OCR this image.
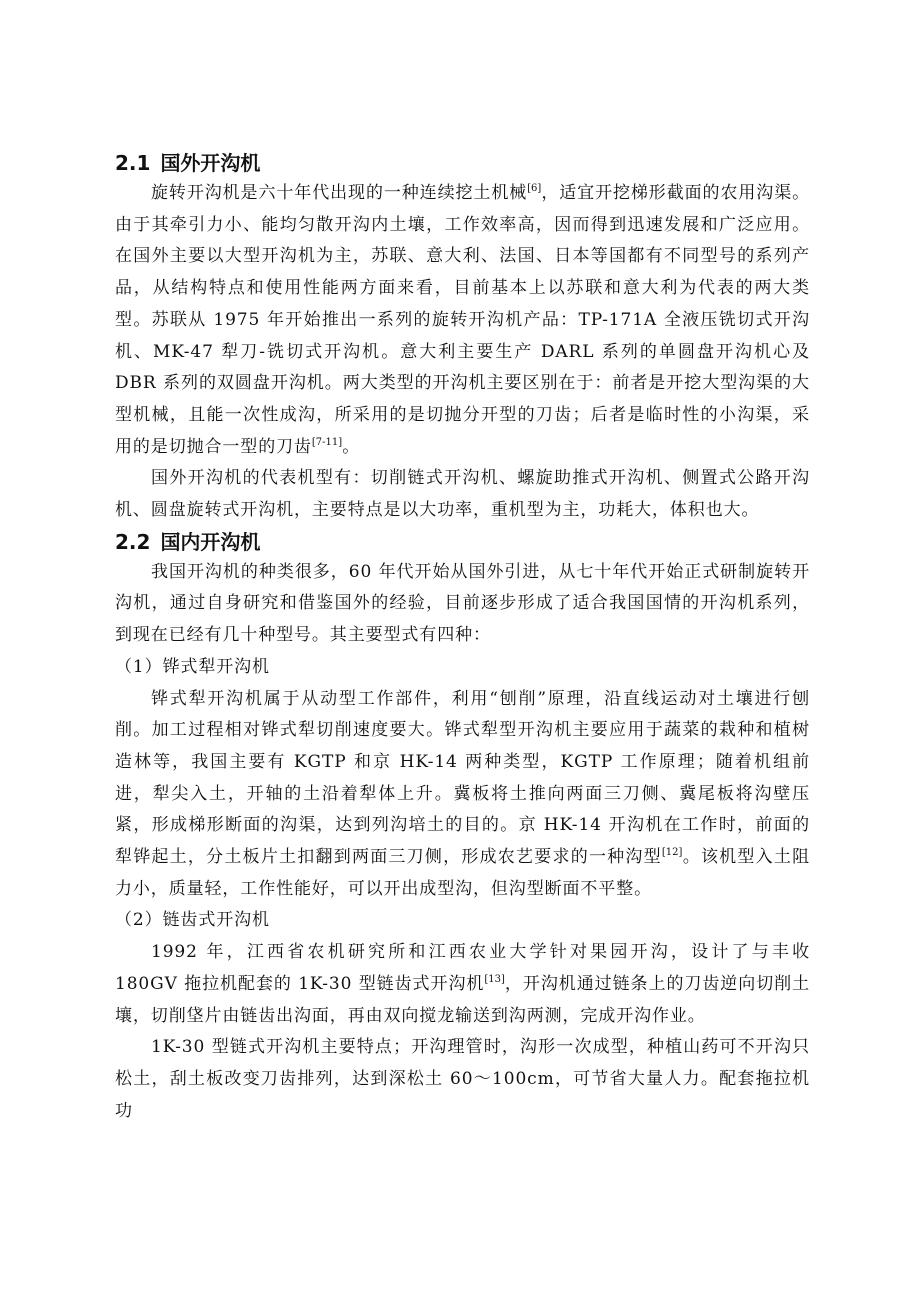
2.1 国外开沟机

旋转开沟机是六十年代出现的一种连续挖土机械[6]，适宜开挖梯形截面的农用沟渠。由于其牵引力小、能均匀散开沟内土壤，工作效率高，因而得到迅速发展和广泛应用。在国外主要以大型开沟机为主，苏联、意大利、法国、日本等国都有不同型号的系列产品，从结构特点和使用性能两方面来看，目前基本上以苏联和意大利为代表的两大类型。苏联从 1975 年开始推出一系列的旋转开沟机产品：TP-171A 全液压铣切式开沟机、MK-47 犁刀-铣切式开沟机。意大利主要生产 DARL 系列的单圆盘开沟机心及 DBR 系列的双圆盘开沟机。两大类型的开沟机主要区别在于：前者是开挖大型沟渠的大型机械，且能一次性成沟，所采用的是切抛分开型的刀齿；后者是临时性的小沟渠，采用的是切抛合一型的刀齿[7-11]。

国外开沟机的代表机型有：切削链式开沟机、螺旋助推式开沟机、侧置式公路开沟机、圆盘旋转式开沟机，主要特点是以大功率，重机型为主，功耗大，体积也大。

2.2 国内开沟机

我国开沟机的种类很多，60 年代开始从国外引进，从七十年代开始正式研制旋转开沟机，通过自身研究和借鉴国外的经验，目前逐步形成了适合我国国情的开沟机系列，到现在已经有几十种型号。其主要型式有四种：

（1）铧式犁开沟机

铧式犁开沟机属于从动型工作部件，利用“刨削”原理，沿直线运动对土壤进行刨削。加工过程相对铧式犁切削速度要大。铧式犁型开沟机主要应用于蔬菜的栽种和植树造林等，我国主要有 KGTP 和京 HK-14 两种类型，KGTP 工作原理；随着机组前进，犁尖入土，开轴的土沿着犁体上升。冀板将土推向两面三刀侧、冀尾板将沟壁压紧，形成梯形断面的沟渠，达到列沟培土的目的。京 HK-14 开沟机在工作时，前面的犁铧起土，分土板片土扣翻到两面三刀侧，形成农艺要求的一种沟型[12]。该机型入土阻力小，质量轻，工作性能好，可以开出成型沟，但沟型断面不平整。

（2）链齿式开沟机

1992 年，江西省农机研究所和江西农业大学针对果园开沟，设计了与丰收 180GV 拖拉机配套的 1K-30 型链齿式开沟机[13]，开沟机通过链条上的刀齿逆向切削土壤，切削垡片由链齿出沟面，再由双向搅龙输送到沟两测，完成开沟作业。

1K-30 型链式开沟机主要特点；开沟理管时，沟形一次成型，种植山药可不开沟只松土，刮土板改变刀齿排列，达到深松土 60～100cm，可节省大量人力。配套拖拉机功
